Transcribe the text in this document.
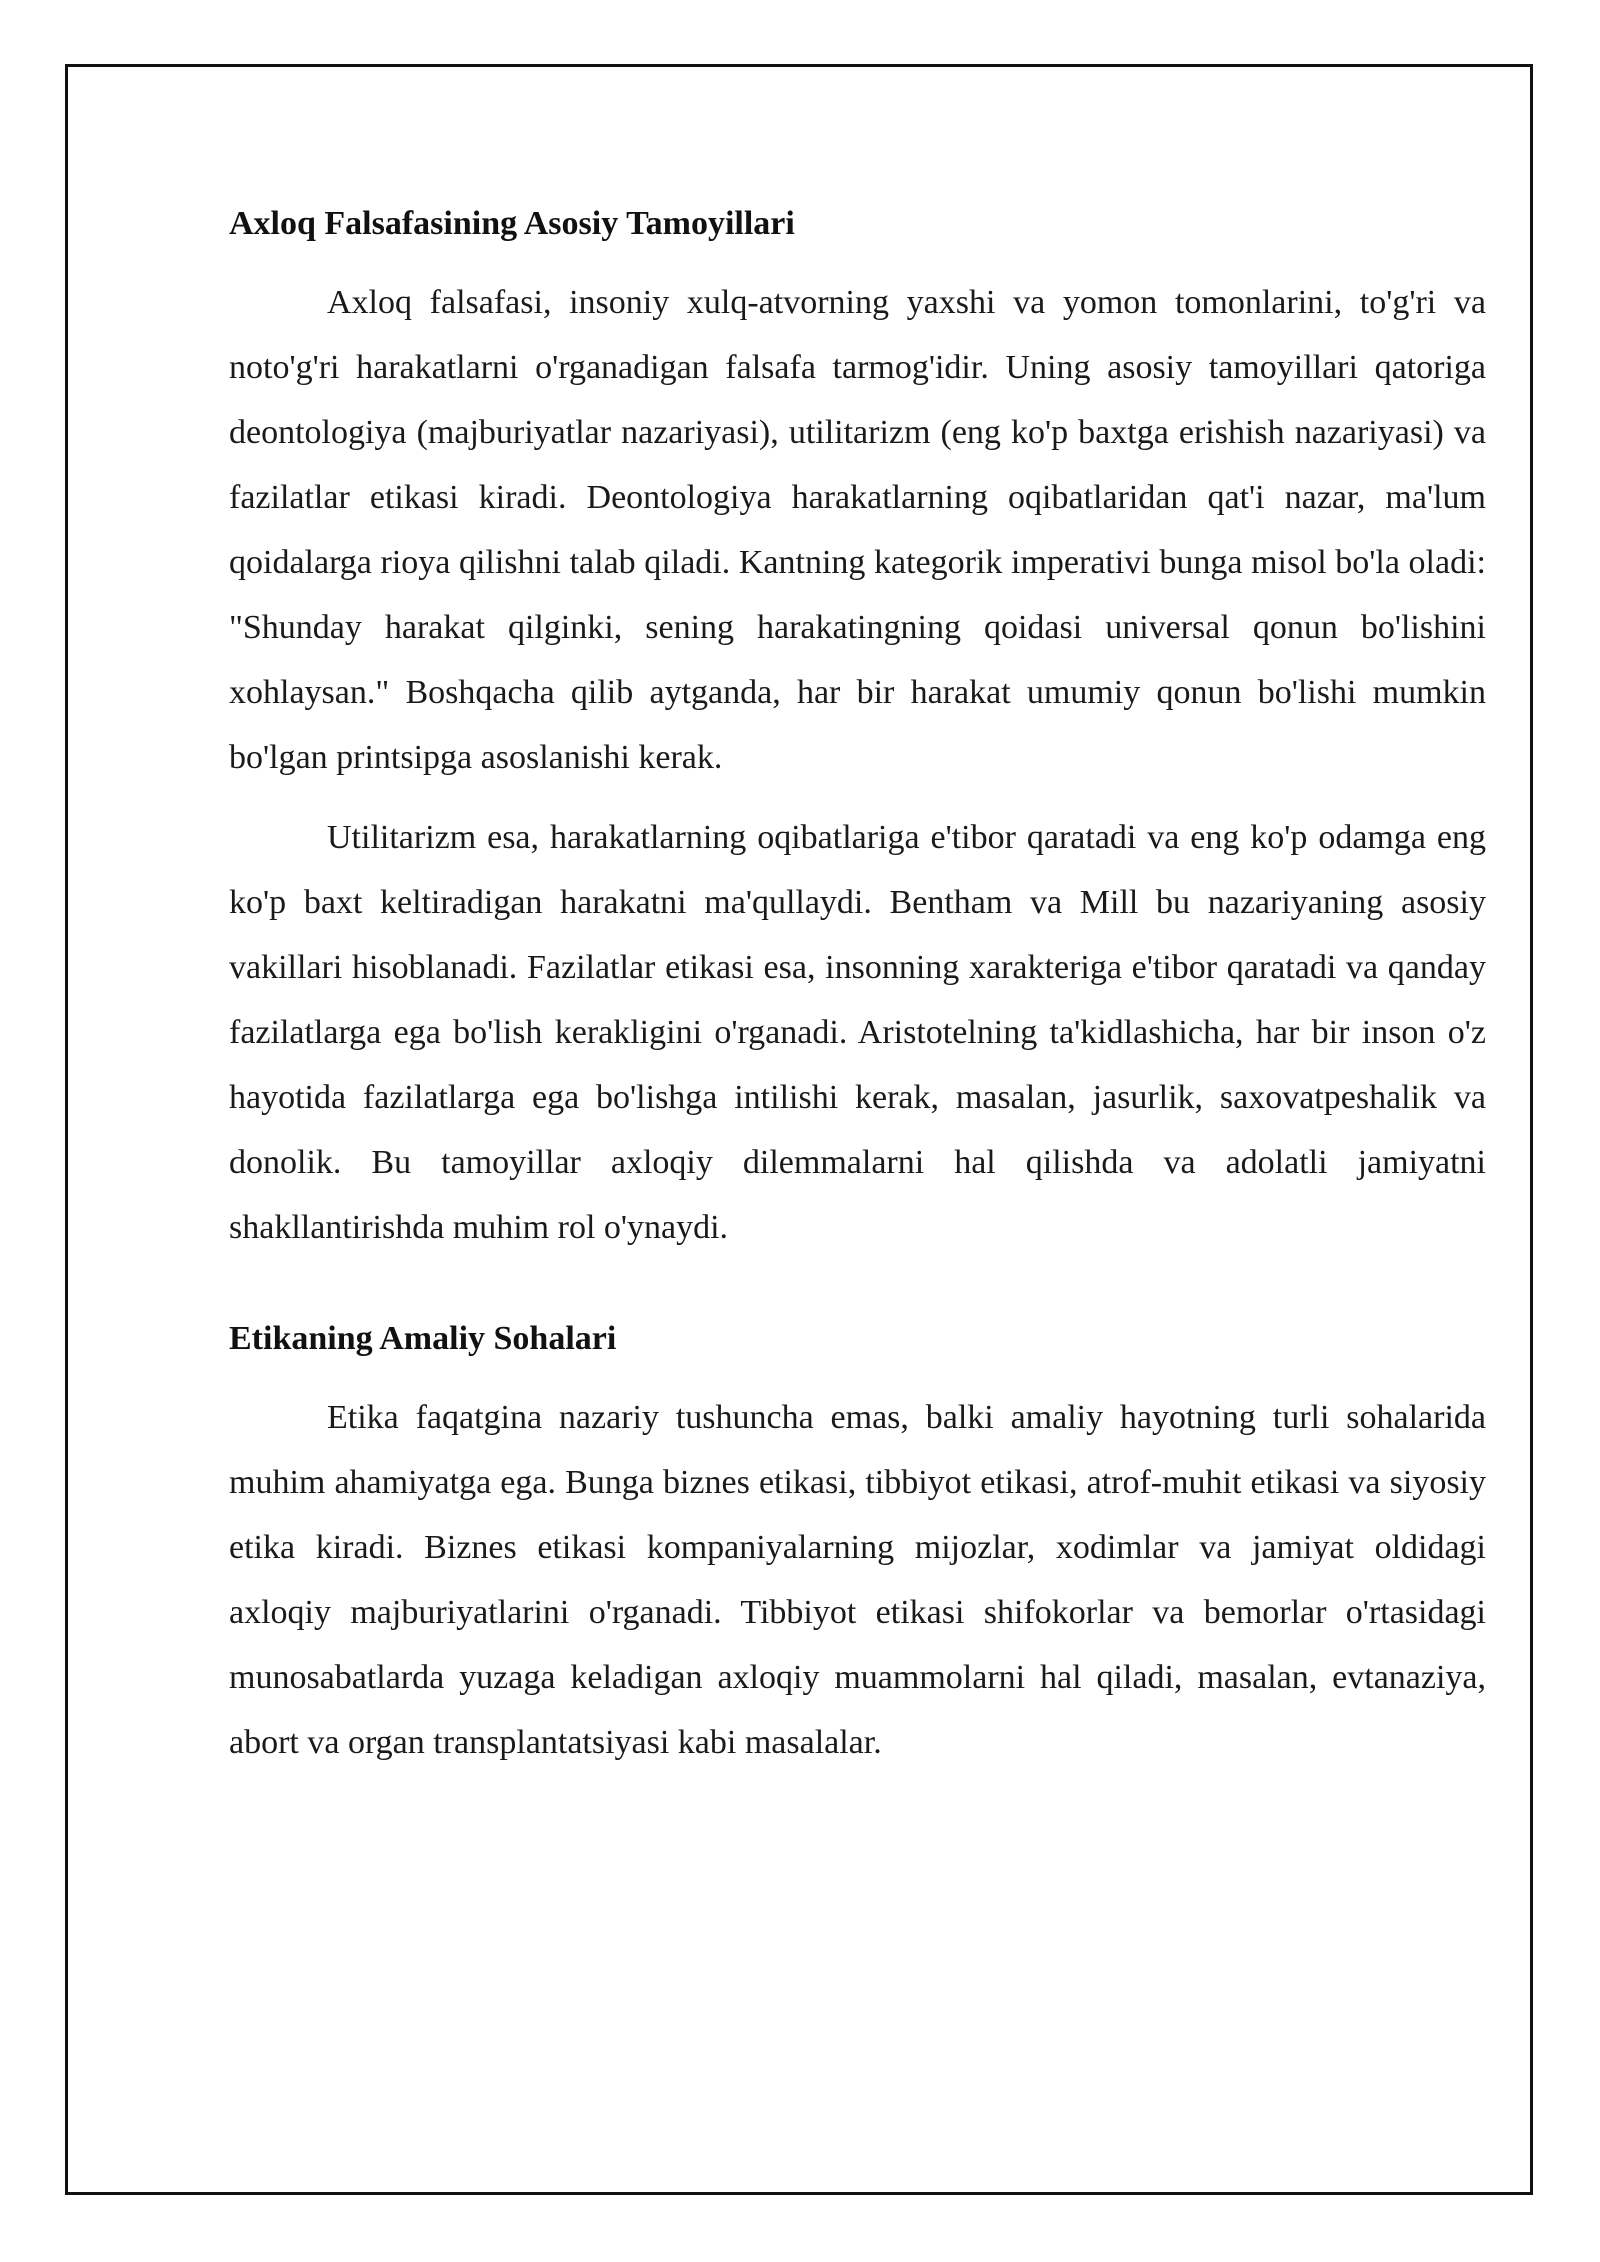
Axloq Falsafasining Asosiy Tamoyillari

Axloq falsafasi, insoniy xulq-atvorning yaxshi va yomon tomonlarini, to'g'ri va noto'g'ri harakatlarni o'rganadigan falsafa tarmog'idir. Uning asosiy tamoyillari qatoriga deontologiya (majburiyatlar nazariyasi), utilitarizm (eng ko'p baxtga erishish nazariyasi) va fazilatlar etikasi kiradi. Deontologiya harakatlarning oqibatlaridan qat'i nazar, ma'lum qoidalarga rioya qilishni talab qiladi. Kantning kategorik imperativi bunga misol bo'la oladi: "Shunday harakat qilginki, sening harakatingning qoidasi universal qonun bo'lishini xohlaysan." Boshqacha qilib aytganda, har bir harakat umumiy qonun bo'lishi mumkin bo'lgan printsipga asoslanishi kerak.

Utilitarizm esa, harakatlarning oqibatlariga e'tibor qaratadi va eng ko'p odamga eng ko'p baxt keltiradigan harakatni ma'qullaydi. Bentham va Mill bu nazariyaning asosiy vakillari hisoblanadi. Fazilatlar etikasi esa, insonning xarakteriga e'tibor qaratadi va qanday fazilatlarga ega bo'lish kerakligini o'rganadi. Aristotelning ta'kidlashicha, har bir inson o'z hayotida fazilatlarga ega bo'lishga intilishi kerak, masalan, jasurlik, saxovatpeshalik va donolik. Bu tamoyillar axloqiy dilemmalarni hal qilishda va adolatli jamiyatni shakllantirishda muhim rol o'ynaydi.

Etikaning Amaliy Sohalari

Etika faqatgina nazariy tushuncha emas, balki amaliy hayotning turli sohalarida muhim ahamiyatga ega. Bunga biznes etikasi, tibbiyot etikasi, atrof-muhit etikasi va siyosiy etika kiradi. Biznes etikasi kompaniyalarning mijozlar, xodimlar va jamiyat oldidagi axloqiy majburiyatlarini o'rganadi. Tibbiyot etikasi shifokorlar va bemorlar o'rtasidagi munosabatlarda yuzaga keladigan axloqiy muammolarni hal qiladi, masalan, evtanaziya, abort va organ transplantatsiyasi kabi masalalar.
